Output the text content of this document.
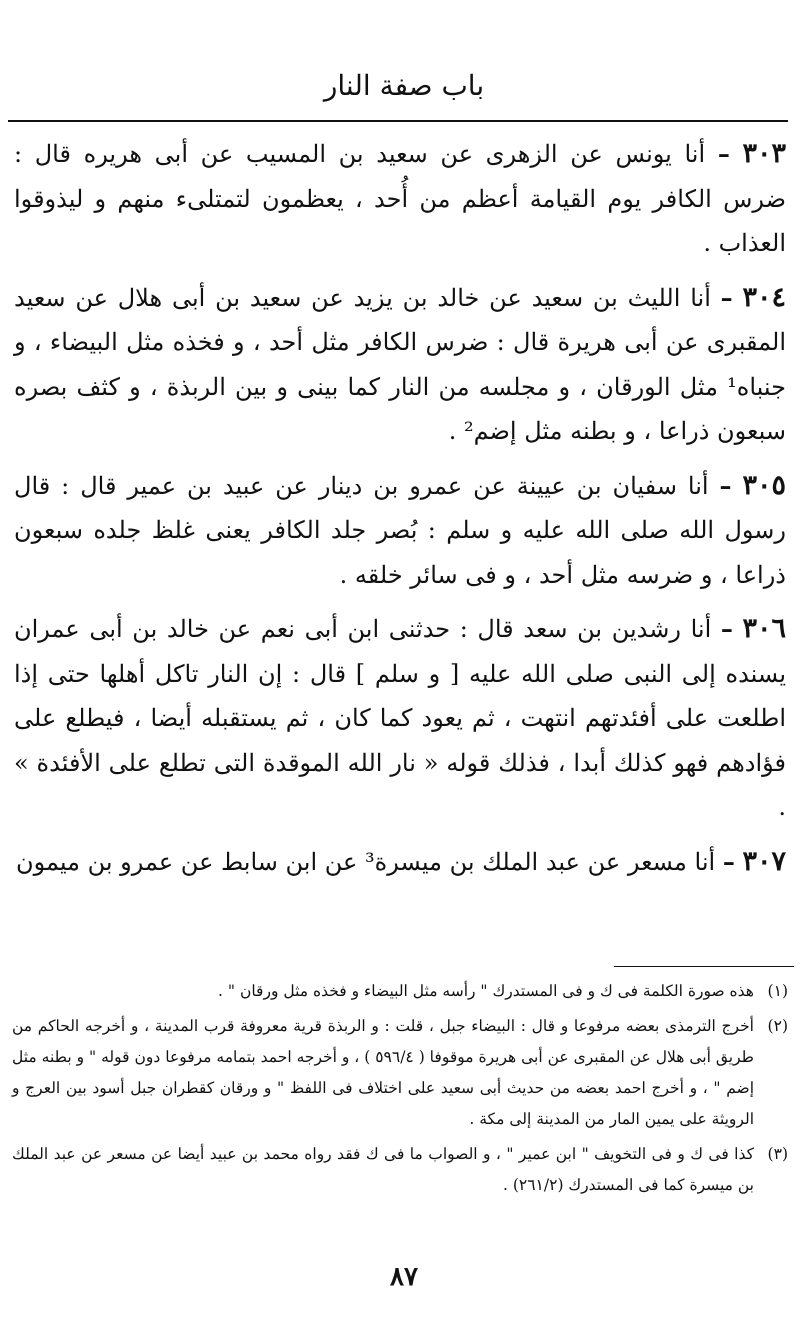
باب صفة النار

٣٠٣ – أنا يونس عن الزهرى عن سعيد بن المسيب عن أبى هريره قال : ضرس الكافر يوم القيامة أعظم من أُحد ، يعظمون لتمتلىء منهم و ليذوقوا العذاب .

٣٠٤ – أنا الليث بن سعيد عن خالد بن يزيد عن سعيد بن أبى هلال عن سعيد المقبرى عن أبى هريرة قال : ضرس الكافر مثل أحد ، و فخذه مثل البيضاء ، و جنباه¹ مثل الورقان ، و مجلسه من النار كما بينى و بين الربذة ، و كثف بصره سبعون ذراعا ، و بطنه مثل إضم² .

٣٠٥ – أنا سفيان بن عيينة عن عمرو بن دينار عن عبيد بن عمير قال : قال رسول الله صلى الله عليه و سلم : بُصر جلد الكافر يعنى غلظ جلده سبعون ذراعا ، و ضرسه مثل أحد ، و فى سائر خلقه .

٣٠٦ – أنا رشدين بن سعد قال : حدثنى ابن أبى نعم عن خالد بن أبى عمران يسنده إلى النبى صلى الله عليه [ و سلم ] قال : إن النار تاكل أهلها حتى إذا اطلعت على أفئدتهم انتهت ، ثم يعود كما كان ، ثم يستقبله أيضا ، فيطلع على فؤادهم فهو كذلك أبدا ، فذلك قوله « نار الله الموقدة التى تطلع على الأفئدة » .

٣٠٧ – أنا مسعر عن عبد الملك بن ميسرة³ عن ابن سابط عن عمرو بن ميمون

(١)
هذه صورة الكلمة فى ك و فى المستدرك " رأسه مثل البيضاء و فخذه مثل ورقان " .

(٢)
أخرج الترمذى بعضه مرفوعا و قال : البيضاء جبل ، قلت : و الربذة قرية معروفة قرب المدينة ، و أخرجه الحاكم من طريق أبى هلال عن المقبرى عن أبى هريرة موقوفا ( ٥٩٦/٤ ) ، و أخرجه احمد بتمامه مرفوعا دون قوله " و بطنه مثل إضم " ، و أخرج احمد بعضه من حديث أبى سعيد على اختلاف فى اللفظ " و ورقان كقطران جبل أسود بين العرج و الرويثة على يمين المار من المدينة إلى مكة .

(٣)
كذا فى ك و فى التخويف " ابن عمير " ، و الصواب ما فى ك فقد رواه محمد بن عبيد أيضا عن مسعر عن عبد الملك بن ميسرة كما فى المستدرك (٢٦١/٢) .

٨٧
